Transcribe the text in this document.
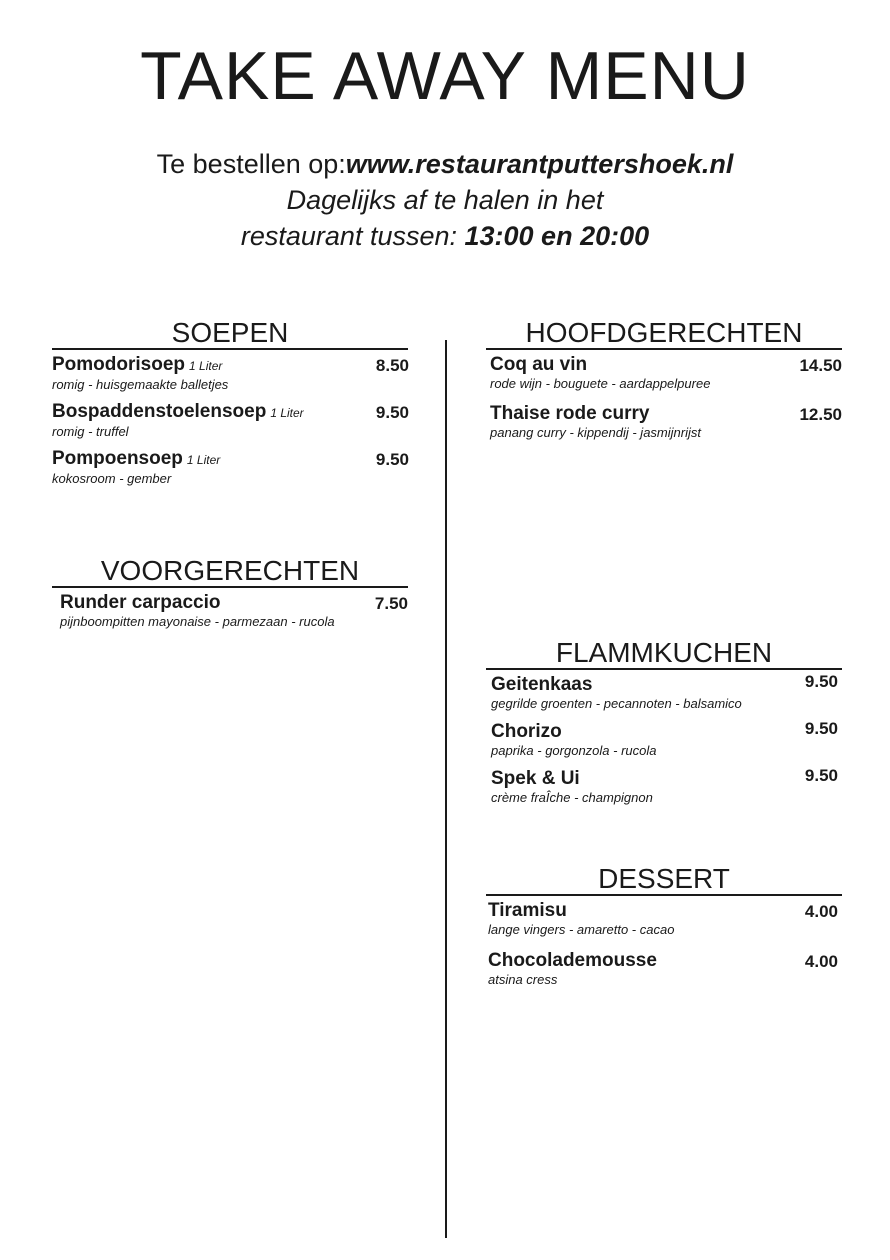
TAKE AWAY MENU
Te bestellen op:www.restaurantputtershoek.nl
Dagelijks af te halen in het
restaurant tussen: 13:00 en 20:00
SOEPEN
Pomodorisoep 1 Liter
romig - huisgemaakte balletjes
8.50
Bospaddenstoelensoep 1 Liter
romig - truffel
9.50
Pompoensoep 1 Liter
kokosroom - gember
9.50
VOORGERECHTEN
Runder carpaccio
pijnboompitten mayonaise - parmezaan - rucola
7.50
HOOFDGERECHTEN
Coq au vin
rode wijn - bouguete - aardappelpuree
14.50
Thaise rode curry
panang curry - kippendij - jasmijnrijst
12.50
FLAMMKUCHEN
Geitenkaas
gegrilde groenten - pecannoten - balsamico
9.50
Chorizo
paprika - gorgonzola - rucola
9.50
Spek & Ui
crème fraÎche - champignon
9.50
DESSERT
Tiramisu
lange vingers - amaretto - cacao
4.00
Chocolademousse
atsina cress
4.00
